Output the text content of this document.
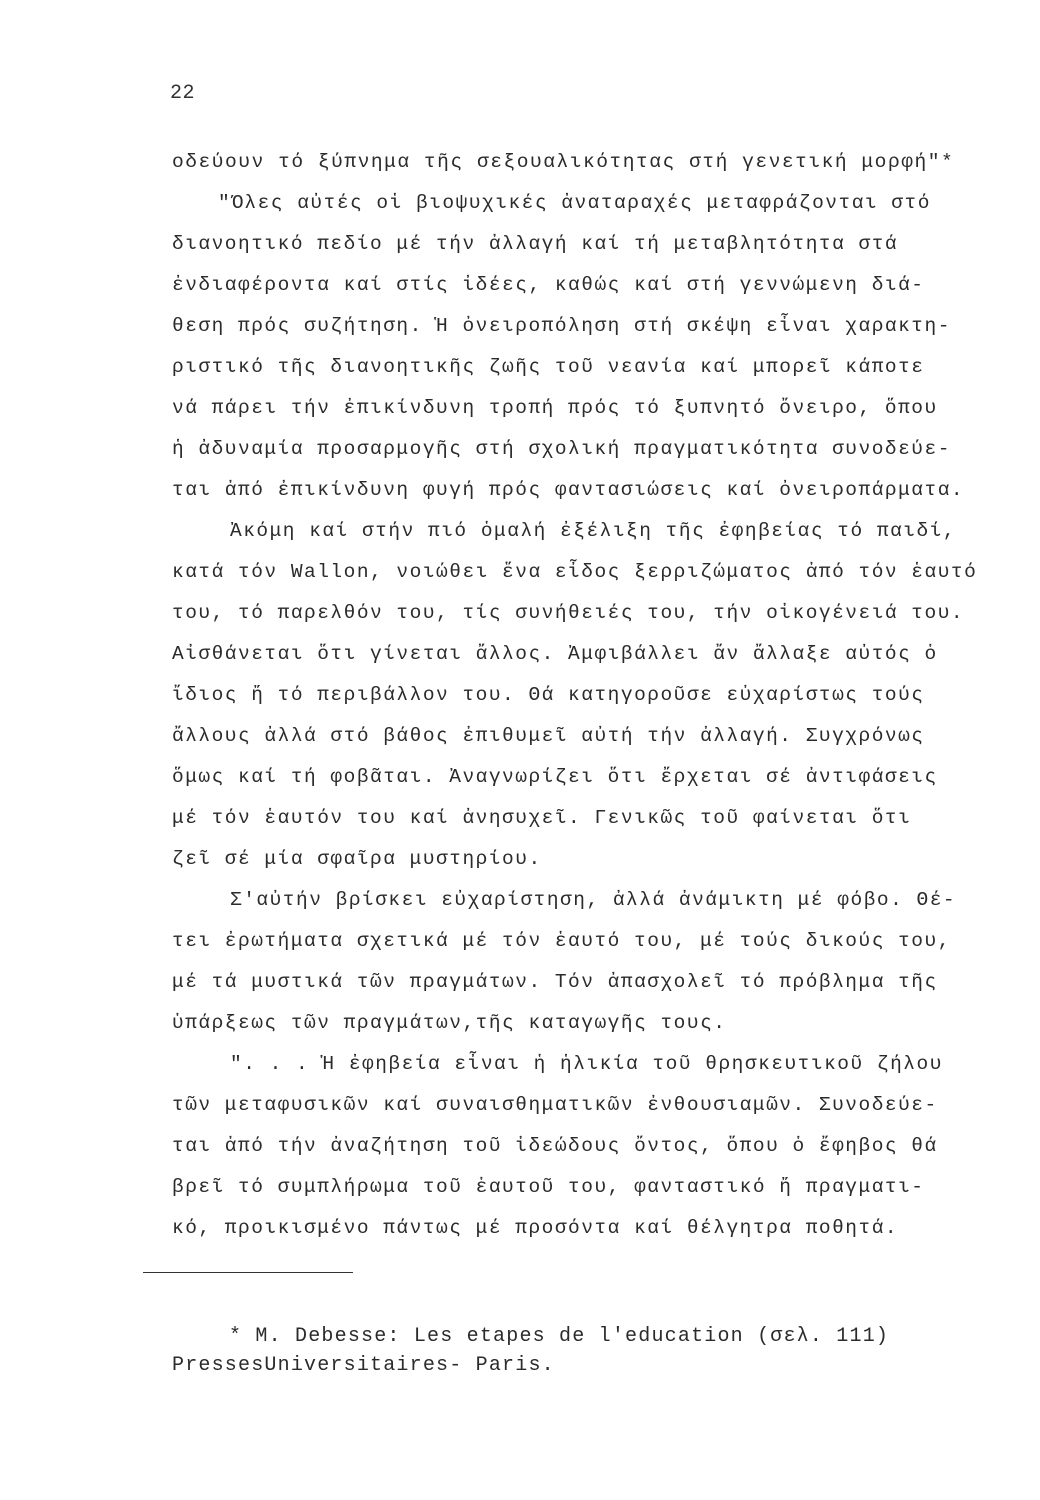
22
οδεύουν τό ξύπνημα τῆς σεξουαλικότητας στή γενετική μορφή"*
"Όλες αὐτές οἱ βιοψυχικές ἀναταραχές μεταφράζονται στό
διανοητικό πεδίο μέ τήν ἀλλαγή καί τή μεταβλητότητα στά
ἐνδιαφέροντα καί στίς ἰδέες, καθώς καί στή γεννώμενη διά-
θεση πρός συζήτηση. Ἡ ὀνειροπόληση στή σκέψη εἶναι χαρακτη-
ριστικό τῆς διανοητικῆς ζωῆς τοῦ νεανία καί μπορεῖ κάποτε
νά πάρει τήν ἐπικίνδυνη τροπή πρός τό ξυπνητό ὄνειρο, ὅπου
ἡ ἀδυναμία προσαρμογῆς στή σχολική πραγματικότητα συνοδεύε-
ται ἀπό ἐπικίνδυνη φυγή πρός φαντασιώσεις καί ὀνειροπάρματα.
Ἀκόμη καί στήν πιό ὁμαλή ἐξέλιξη τῆς ἐφηβείας τό παιδί,
κατά τόν Wallon, νοιώθει ἕνα εἶδος ξερριζώματος ἀπό τόν ἑαυτό
του, τό παρελθόν του, τίς συνήθειές του, τήν οἰκογένειά του.
Αἰσθάνεται ὅτι γίνεται ἄλλος. Ἀμφιβάλλει ἄν ἄλλαξε αὐτός ὁ
ἴδιος ἤ τό περιβάλλον του. Θά κατηγοροῦσε εὐχαρίστως τούς
ἄλλους ἀλλά στό βάθος ἐπιθυμεῖ αὐτή τήν ἀλλαγή. Συγχρόνως
ὅμως καί τή φοβᾶται. Ἀναγνωρίζει ὅτι ἔρχεται σέ ἀντιφάσεις
μέ τόν ἑαυτόν του καί ἀνησυχεῖ. Γενικῶς τοῦ φαίνεται ὅτι
ζεῖ σέ μία σφαῖρα μυστηρίου.
Σ'αὐτήν βρίσκει εὐχαρίστηση, ἀλλά ἀνάμικτη μέ φόβο. Θέ-
τει ἐρωτήματα σχετικά μέ τόν ἑαυτό του, μέ τούς δικούς του,
μέ τά μυστικά τῶν πραγμάτων. Τόν ἀπασχολεῖ τό πρόβλημα τῆς
ὑπάρξεως τῶν πραγμάτων,τῆς καταγωγῆς τους.
". . . Ἡ ἐφηβεία εἶναι ἡ ἡλικία τοῦ θρησκευτικοῦ ζήλου
τῶν μεταφυσικῶν καί συναισθηματικῶν ἐνθουσιαμῶν. Συνοδεύε-
ται ἀπό τήν ἀναζήτηση τοῦ ἰδεώδους ὄντος, ὅπου ὁ ἔφηβος θά
βρεῖ τό συμπλήρωμα τοῦ ἑαυτοῦ του, φανταστικό ἤ πραγματι-
κό, προικισμένο πάντως μέ προσόντα καί θέλγητρα ποθητά.
* M. Debesse: Les etapes de l'education (σελ. 111)
PressesUniversitaires- Paris.
